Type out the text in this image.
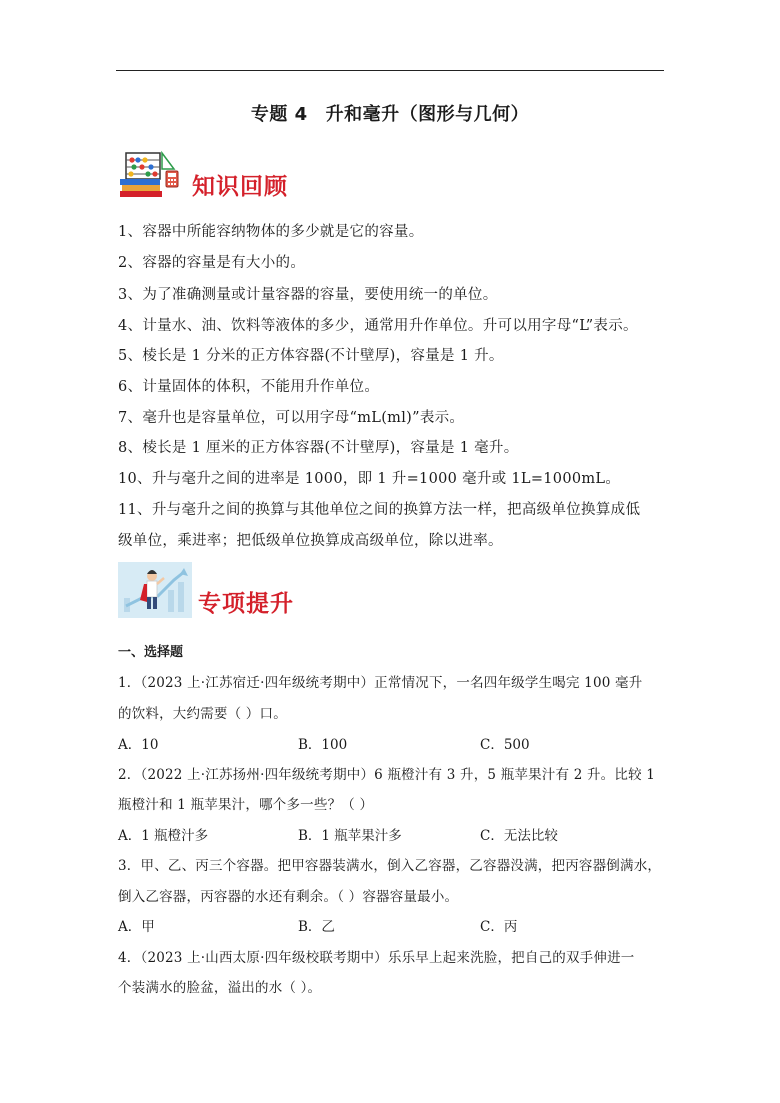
专题 4 升和毫升（图形与几何）
知识回顾
1、容器中所能容纳物体的多少就是它的容量。
2、容器的容量是有大小的。
3、为了准确测量或计量容器的容量，要使用统一的单位。
4、计量水、油、饮料等液体的多少，通常用升作单位。升可以用字母“L”表示。
5、棱长是 1 分米的正方体容器(不计壁厚)，容量是 1 升。
6、计量固体的体积，不能用升作单位。
7、毫升也是容量单位，可以用字母“mL(ml)”表示。
8、棱长是 1 厘米的正方体容器(不计壁厚)，容量是 1 毫升。
10、升与毫升之间的进率是 1000，即 1 升=1000 毫升或 1L=1000mL。
11、升与毫升之间的换算与其他单位之间的换算方法一样，把高级单位换算成低
级单位，乘进率；把低级单位换算成高级单位，除以进率。
专项提升
一、选择题
1．（2023 上·江苏宿迁·四年级统考期中）正常情况下，一名四年级学生喝完 100 毫升
的饮料，大约需要（ ）口。
A．10	B．100	C．500
2．（2022 上·江苏扬州·四年级统考期中）6 瓶橙汁有 3 升，5 瓶苹果汁有 2 升。比较 1
瓶橙汁和 1 瓶苹果汁，哪个多一些？（ ）
A．1 瓶橙汁多	B．1 瓶苹果汁多	C．无法比较
3．甲、乙、丙三个容器。把甲容器装满水，倒入乙容器，乙容器没满，把丙容器倒满水，
倒入乙容器，丙容器的水还有剩余。（ ）容器容量最小。
A．甲	B．乙	C．丙
4．（2023 上·山西太原·四年级校联考期中）乐乐早上起来洗脸，把自己的双手伸进一
个装满水的脸盆，溢出的水（ ）。
